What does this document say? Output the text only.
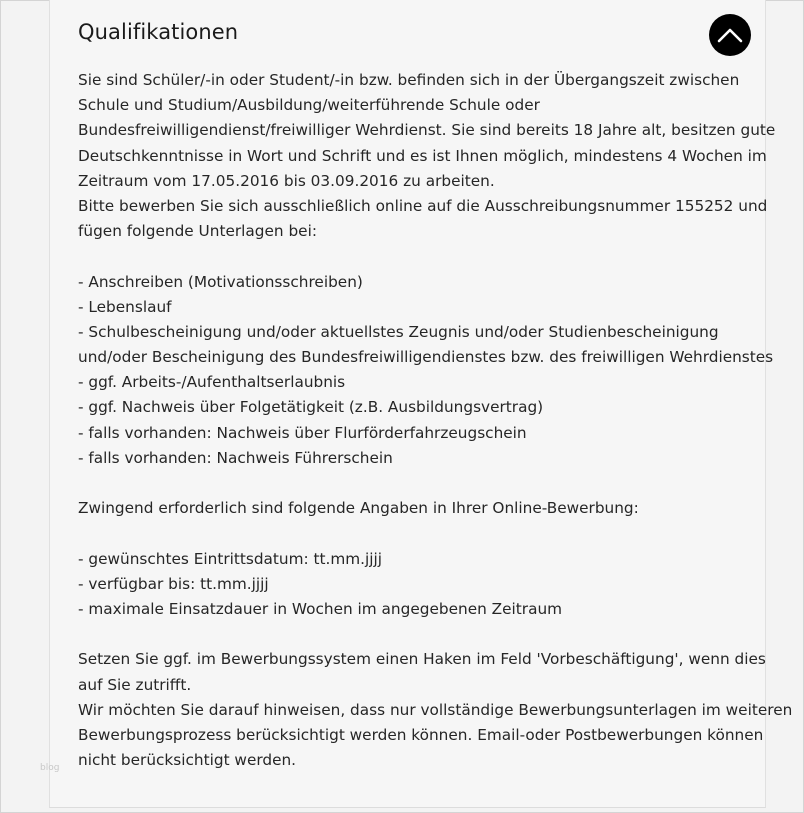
Qualifikationen
Sie sind Schüler/-in oder Student/-in bzw. befinden sich in der Übergangszeit zwischen
Schule und Studium/Ausbildung/weiterführende Schule oder
Bundesfreiwilligendienst/freiwilliger Wehrdienst. Sie sind bereits 18 Jahre alt, besitzen gute
Deutschkenntnisse in Wort und Schrift und es ist Ihnen möglich, mindestens 4 Wochen im
Zeitraum vom 17.05.2016 bis 03.09.2016 zu arbeiten.
Bitte bewerben Sie sich ausschließlich online auf die Ausschreibungsnummer 155252 und
fügen folgende Unterlagen bei:
- Anschreiben (Motivationsschreiben)
- Lebenslauf
- Schulbescheinigung und/oder aktuellstes Zeugnis und/oder Studienbescheinigung
und/oder Bescheinigung des Bundesfreiwilligendienstes bzw. des freiwilligen Wehrdienstes
- ggf. Arbeits-/Aufenthaltserlaubnis
- ggf. Nachweis über Folgetätigkeit (z.B. Ausbildungsvertrag)
- falls vorhanden: Nachweis über Flurförderfahrzeugschein
- falls vorhanden: Nachweis Führerschein
Zwingend erforderlich sind folgende Angaben in Ihrer Online-Bewerbung:
- gewünschtes Eintrittsdatum: tt.mm.jjjj
- verfügbar bis: tt.mm.jjjj
- maximale Einsatzdauer in Wochen im angegebenen Zeitraum
Setzen Sie ggf. im Bewerbungssystem einen Haken im Feld 'Vorbeschäftigung', wenn dies
auf Sie zutrifft.
Wir möchten Sie darauf hinweisen, dass nur vollständige Bewerbungsunterlagen im weiteren
Bewerbungsprozess berücksichtigt werden können. Email-oder Postbewerbungen können
nicht berücksichtigt werden.
blog
